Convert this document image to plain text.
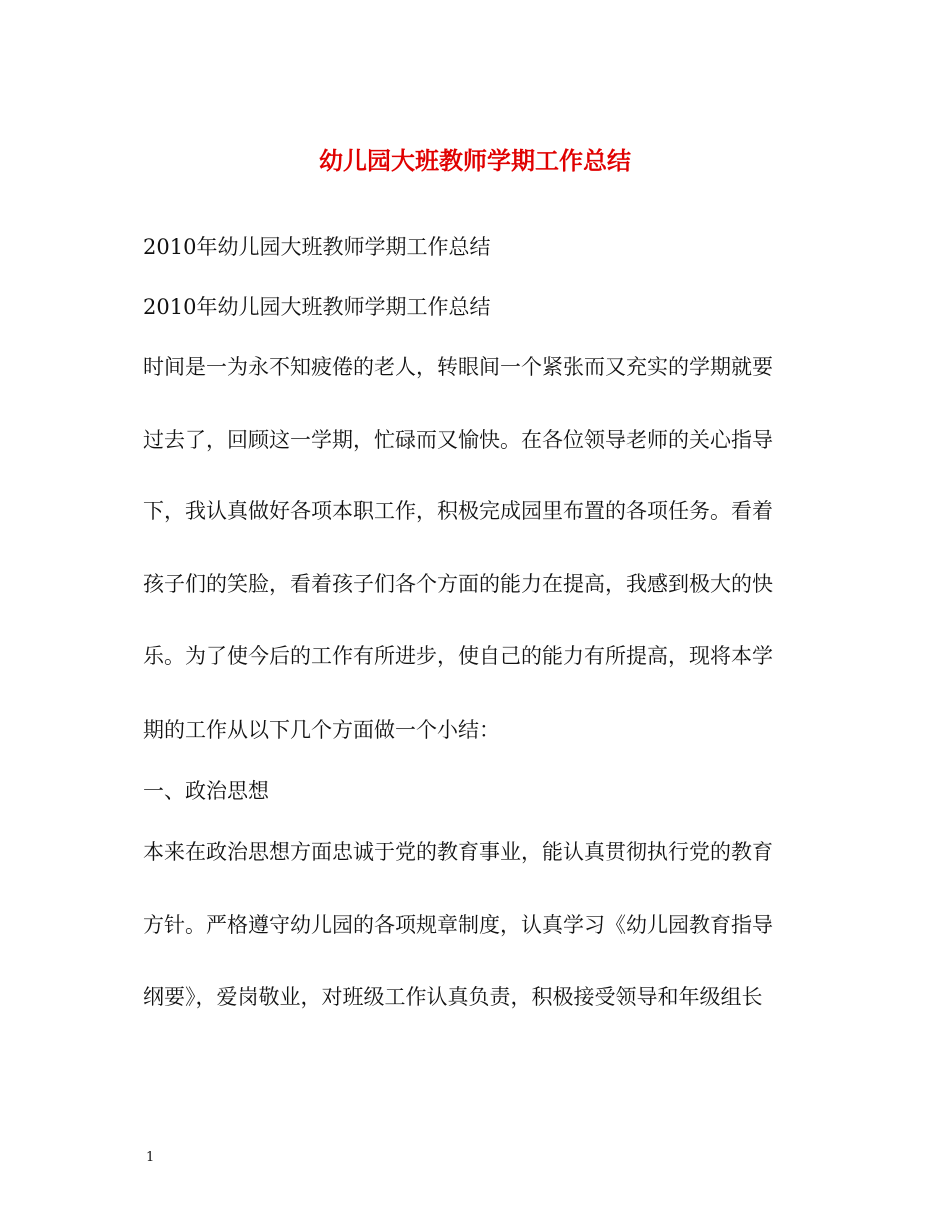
幼儿园大班教师学期工作总结

2010年幼儿园大班教师学期工作总结

2010年幼儿园大班教师学期工作总结

时间是一为永不知疲倦的老人，转眼间一个紧张而又充实的学期就要

过去了，回顾这一学期，忙碌而又愉快。在各位领导老师的关心指导

下，我认真做好各项本职工作，积极完成园里布置的各项任务。看着

孩子们的笑脸，看着孩子们各个方面的能力在提高，我感到极大的快

乐。为了使今后的工作有所进步，使自己的能力有所提高，现将本学

期的工作从以下几个方面做一个小结：

一、政治思想

本来在政治思想方面忠诚于党的教育事业，能认真贯彻执行党的教育

方针。严格遵守幼儿园的各项规章制度，认真学习《幼儿园教育指导

纲要》，爱岗敬业，对班级工作认真负责，积极接受领导和年级组长

1
